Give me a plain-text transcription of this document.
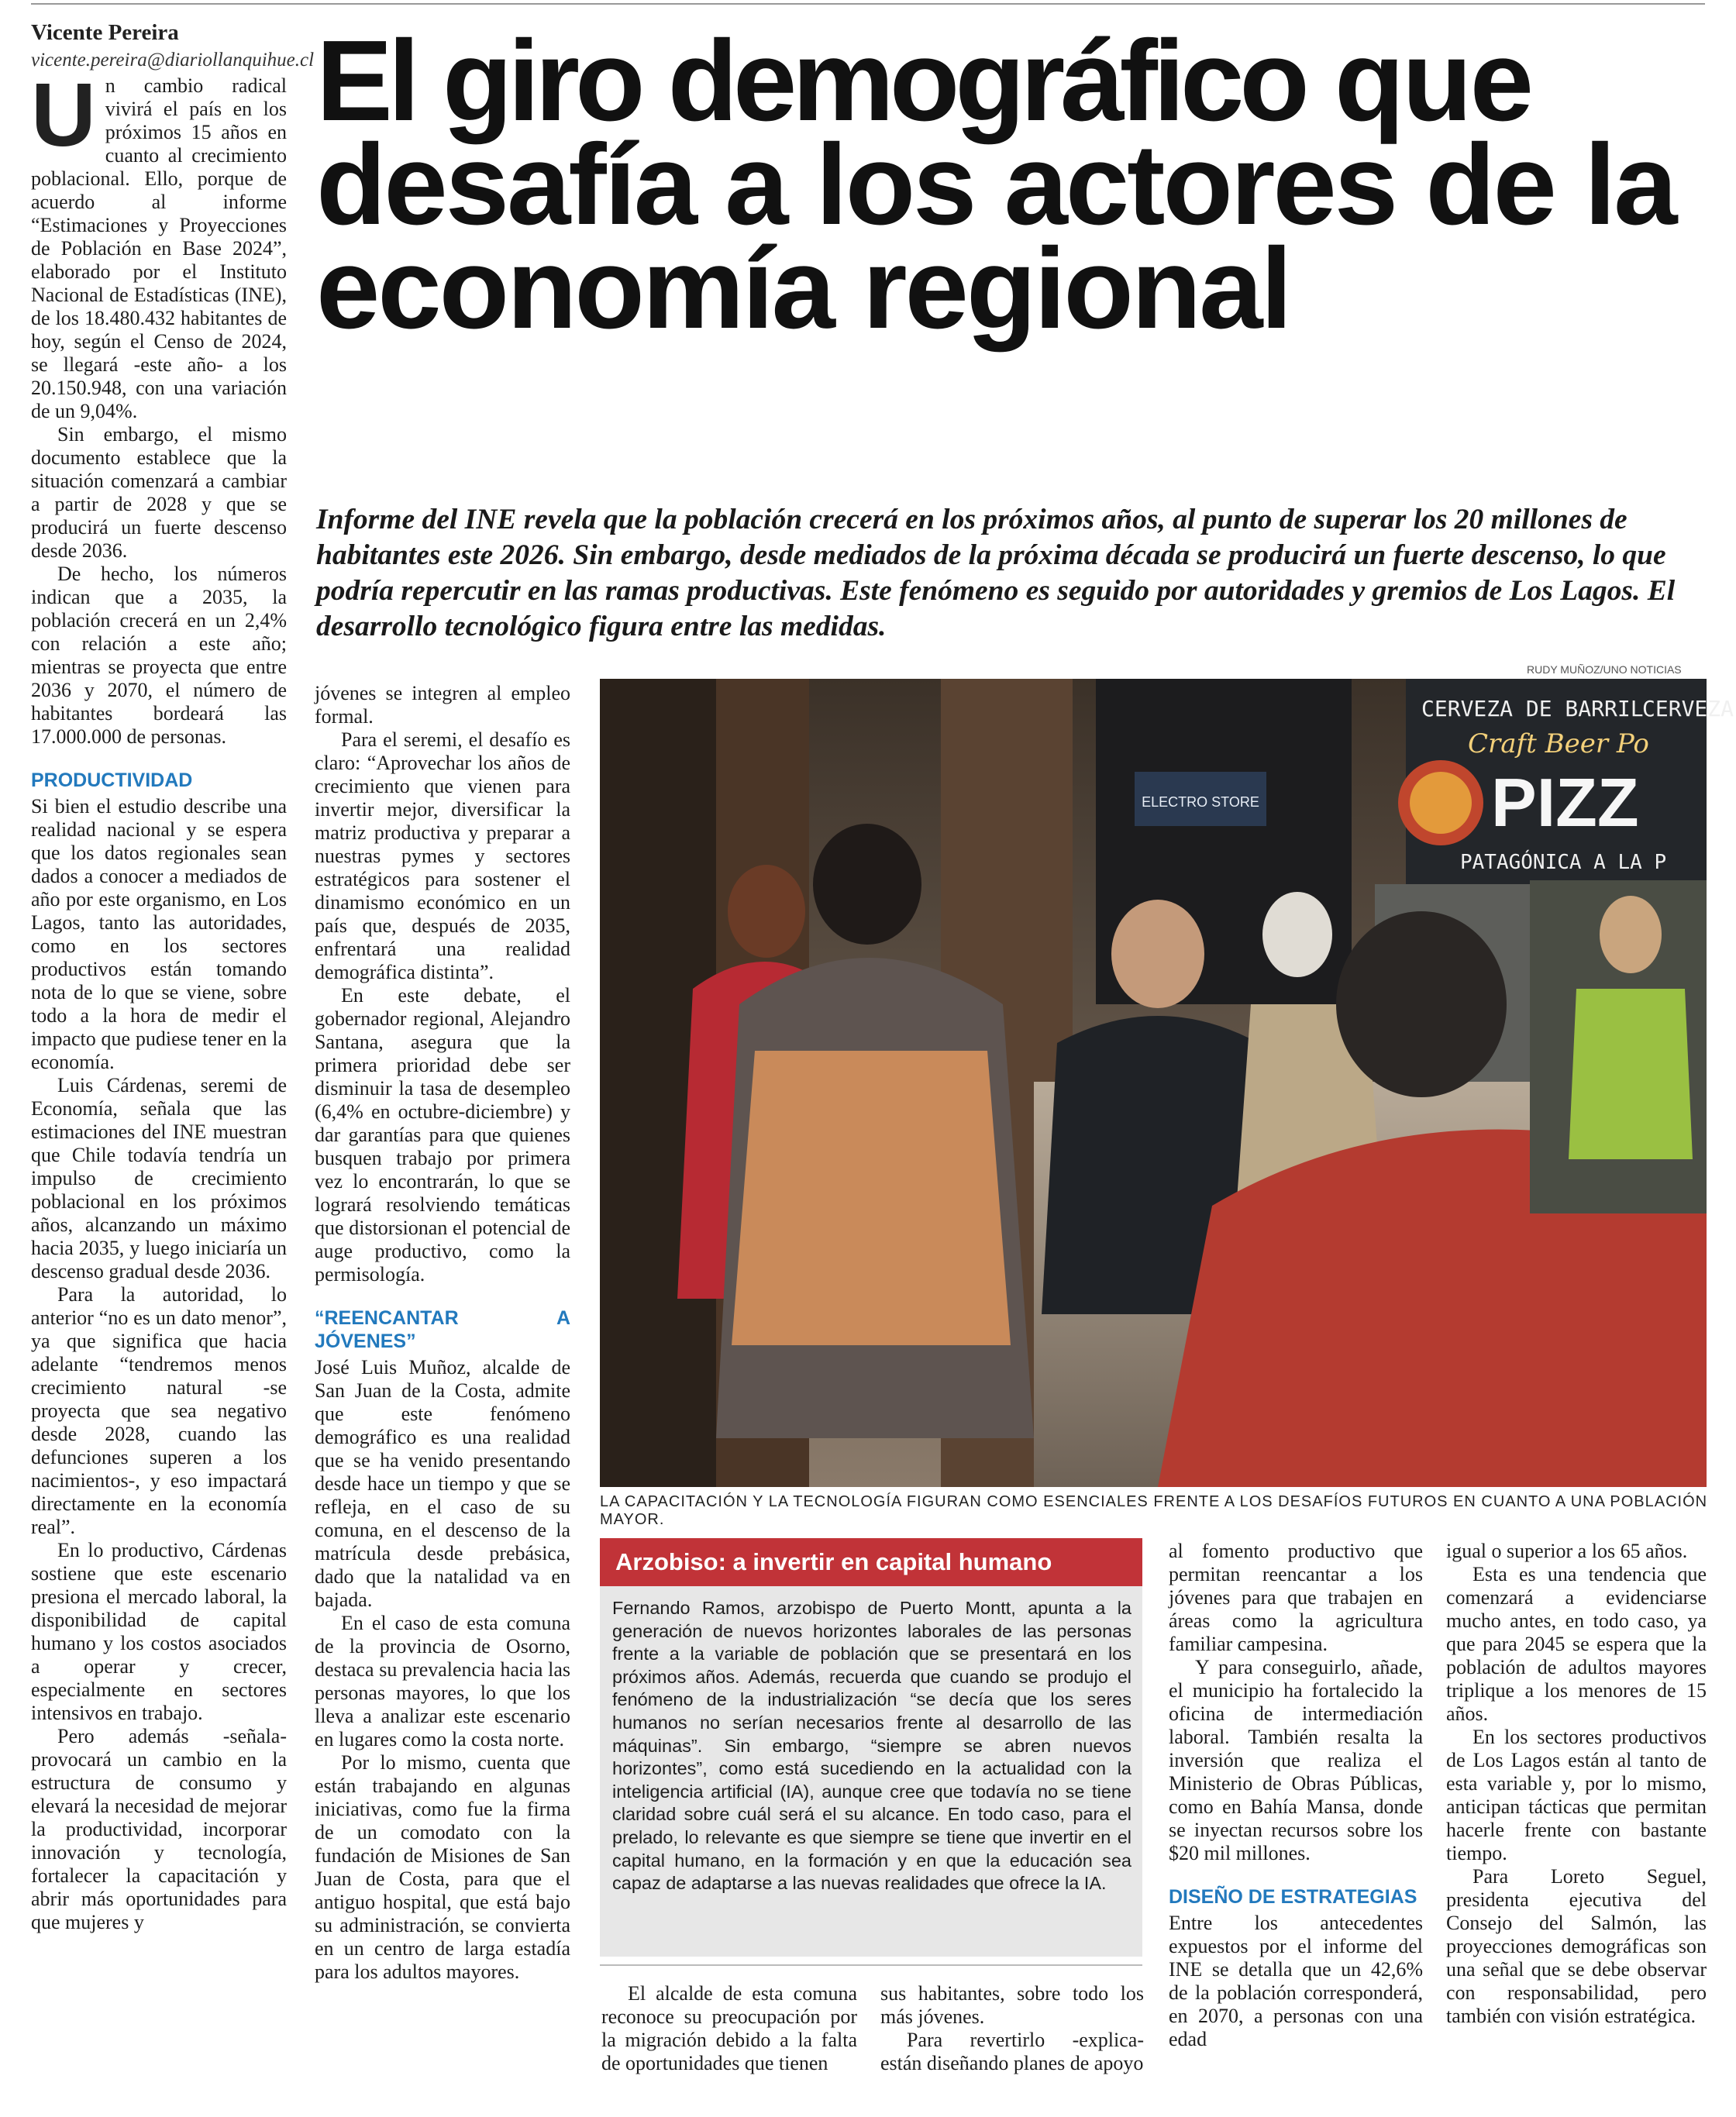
Vicente Pereira
vicente.pereira@diariollanquihue.cl El giro demográfico que desafía a los actores de la economía regional
Informe del INE revela que la población crecerá en los próximos años, al punto de superar los 20 millones de habitantes este 2026. Sin embargo, desde mediados de la próxima década se producirá un fuerte descenso, lo que podría repercutir en las ramas productivas. Este fenómeno es seguido por autoridades y gremios de Los Lagos. El desarrollo tecnológico figura entre las medidas.
RUDY MUÑOZ/UNO NOTICIAS
ELECTRO STORE
CERVEZA DE BARRIL
CERVEZA
Craft Beer Po
PIZZ
PATAGÓNICA A LA P
LA CAPACITACIÓN Y LA TECNOLOGÍA FIGURAN COMO ESENCIALES FRENTE A LOS DESAFÍOS FUTUROS EN CUANTO A UNA POBLACIÓN MAYOR.

Un cambio radical vivirá el país en los próximos 15 años en cuanto al crecimiento poblacional. Ello, porque de acuerdo al informe “Estimaciones y Proyecciones de Población en Base 2024”, elaborado por el Instituto Nacional de Estadísticas (INE), de los 18.480.432 habitantes de hoy, según el Censo de 2024, se llegará -este año- a los 20.150.948, con una variación de un 9,04%.

Sin embargo, el mismo documento establece que la situación comenzará a cambiar a partir de 2028 y que se producirá un fuerte descenso desde 2036.

De hecho, los números indican que a 2035, la población crecerá en un 2,4% con relación a este año; mientras se proyecta que entre 2036 y 2070, el número de habitantes bordeará las 17.000.000 de personas.

PRODUCTIVIDAD

Si bien el estudio describe una realidad nacional y se espera que los datos regionales sean dados a conocer a mediados de año por este organismo, en Los Lagos, tanto las autoridades, como en los sectores productivos están tomando nota de lo que se viene, sobre todo a la hora de medir el impacto que pudiese tener en la economía.

Luis Cárdenas, seremi de Economía, señala que las estimaciones del INE muestran que Chile todavía tendría un impulso de crecimiento poblacional en los próximos años, alcanzando un máximo hacia 2035, y luego iniciaría un descenso gradual desde 2036.

Para la autoridad, lo anterior “no es un dato menor”, ya que significa que hacia adelante “tendremos menos crecimiento natural -se proyecta que sea negativo desde 2028, cuando las defunciones superen a los nacimientos-, y eso impactará directamente en la economía real”.

En lo productivo, Cárdenas sostiene que este escenario presiona el mercado laboral, la disponibilidad de capital humano y los costos asociados a operar y crecer, especialmente en sectores intensivos en trabajo.

Pero además -señala- provocará un cambio en la estructura de consumo y elevará la necesidad de mejorar la productividad, incorporar innovación y tecnología, fortalecer la capacitación y abrir más oportunidades para que mujeres y

jóvenes se integren al empleo formal.

Para el seremi, el desafío es claro: “Aprovechar los años de crecimiento que vienen para invertir mejor, diversificar la matriz productiva y preparar a nuestras pymes y sectores estratégicos para sostener el dinamismo económico en un país que, después de 2035, enfrentará una realidad demográfica distinta”.

En este debate, el gobernador regional, Alejandro Santana, asegura que la primera prioridad debe ser disminuir la tasa de desempleo (6,4% en octubre-diciembre) y dar garantías para que quienes busquen trabajo por primera vez lo encontrarán, lo que se logrará resolviendo temáticas que distorsionan el potencial de auge productivo, como la permisología.

“REENCANTAR A JÓVENES”

José Luis Muñoz, alcalde de San Juan de la Costa, admite que este fenómeno demográfico es una realidad que se ha venido presentando desde hace un tiempo y que se refleja, en el caso de su comuna, en el descenso de la matrícula desde prebásica, dado que la natalidad va en bajada.

En el caso de esta comuna de la provincia de Osorno, destaca su prevalencia hacia las personas mayores, lo que los lleva a analizar este escenario en lugares como la costa norte.

Por lo mismo, cuenta que están trabajando en algunas iniciativas, como fue la firma de un comodato con la fundación de Misiones de San Juan de Costa, para que el antiguo hospital, que está bajo su administración, se convierta en un centro de larga estadía para los adultos mayores.

Arzobiso: a invertir en capital humano

Fernando Ramos, arzobispo de Puerto Montt, apunta a la generación de nuevos horizontes laborales de las personas frente a la variable de población que se presentará en los próximos años. Además, recuerda que cuando se produjo el fenómeno de la industrialización “se decía que los seres humanos no serían necesarios frente al desarrollo de las máquinas”. Sin embargo, “siempre se abren nuevos horizontes”, como está sucediendo en la actualidad con la inteligencia artificial (IA), aunque cree que todavía no se tiene claridad sobre cuál será el su alcance. En todo caso, para el prelado, lo relevante es que siempre se tiene que invertir en el capital humano, en la formación y en que la educación sea capaz de adaptarse a las nuevas realidades que ofrece la IA.

El alcalde de esta comuna reconoce su preocupación por la migración debido a la falta de oportunidades que tienen

sus habitantes, sobre todo los más jóvenes.

Para revertirlo -explica- están diseñando planes de apoyo

al fomento productivo que permitan reencantar a los jóvenes para que trabajen en áreas como la agricultura familiar campesina.

Y para conseguirlo, añade, el municipio ha fortalecido la oficina de intermediación laboral. También resalta la inversión que realiza el Ministerio de Obras Públicas, como en Bahía Mansa, donde se inyectan recursos sobre los $20 mil millones.

DISEÑO DE ESTRATEGIAS

Entre los antecedentes expuestos por el informe del INE se detalla que un 42,6% de la población corresponderá, en 2070, a personas con una edad

igual o superior a los 65 años.

Esta es una tendencia que comenzará a evidenciarse mucho antes, en todo caso, ya que para 2045 se espera que la población de adultos mayores triplique a los menores de 15 años.

En los sectores productivos de Los Lagos están al tanto de esta variable y, por lo mismo, anticipan tácticas que permitan hacerle frente con bastante tiempo.

Para Loreto Seguel, presidenta ejecutiva del Consejo del Salmón, las proyecciones demográficas son una señal que se debe observar con responsabilidad, pero también con visión estratégica.
